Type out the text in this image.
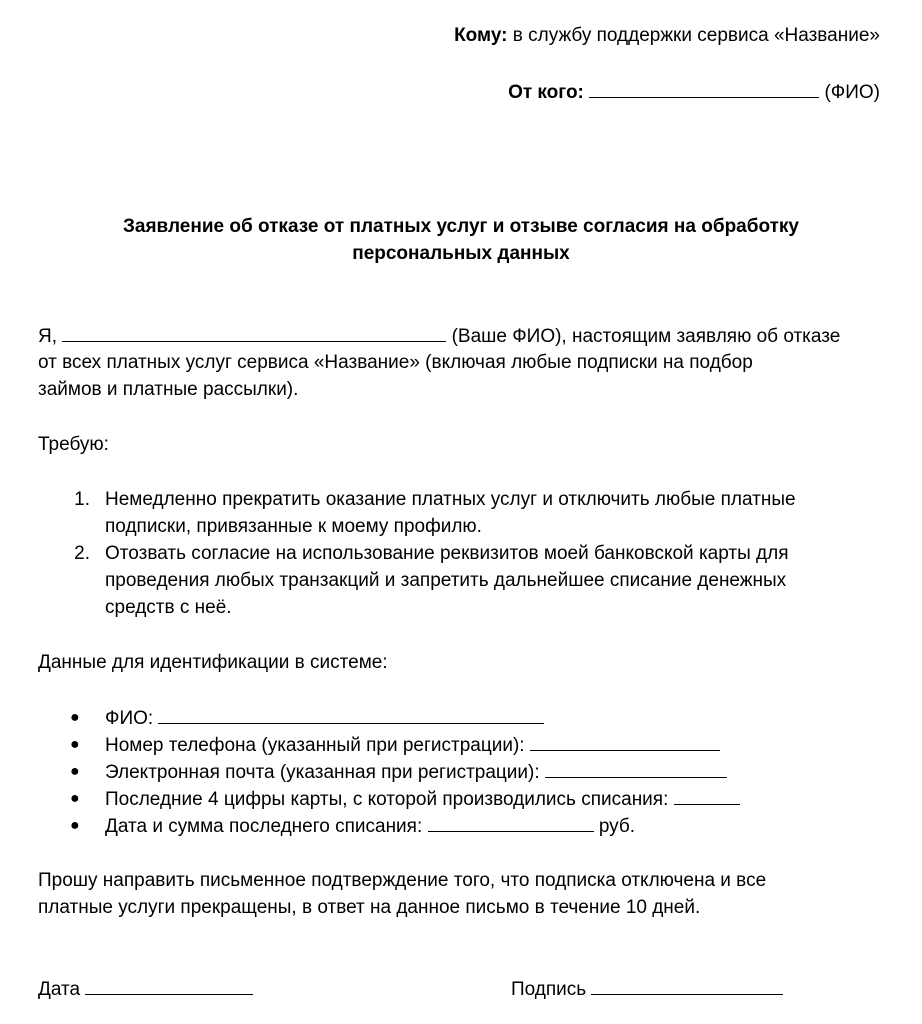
Кому: в службу поддержки сервиса «Название»
От кого:	(ФИО)
Заявление об отказе от платных услуг и отзыве согласия на обработку
персональных данных
Я,	(Ваше ФИО), настоящим заявляю об отказе
от всех платных услуг сервиса «Название» (включая любые подписки на подбор
займов и платные рассылки).
Требую:
1. Немедленно прекратить оказание платных услуг и отключить любые платные
подписки, привязанные к моему профилю.
2. Отозвать согласие на использование реквизитов моей банковской карты для
проведения любых транзакций и запретить дальнейшее списание денежных
средств с неё.
Данные для идентификации в системе:
● ФИО:
● Номер телефона (указанный при регистрации):
● Электронная почта (указанная при регистрации):
● Последние 4 цифры карты, с которой производились списания:
● Дата и сумма последнего списания:	руб.
Прошу направить письменное подтверждение того, что подписка отключена и все
платные услуги прекращены, в ответ на данное письмо в течение 10 дней.
Дата	Подпись
